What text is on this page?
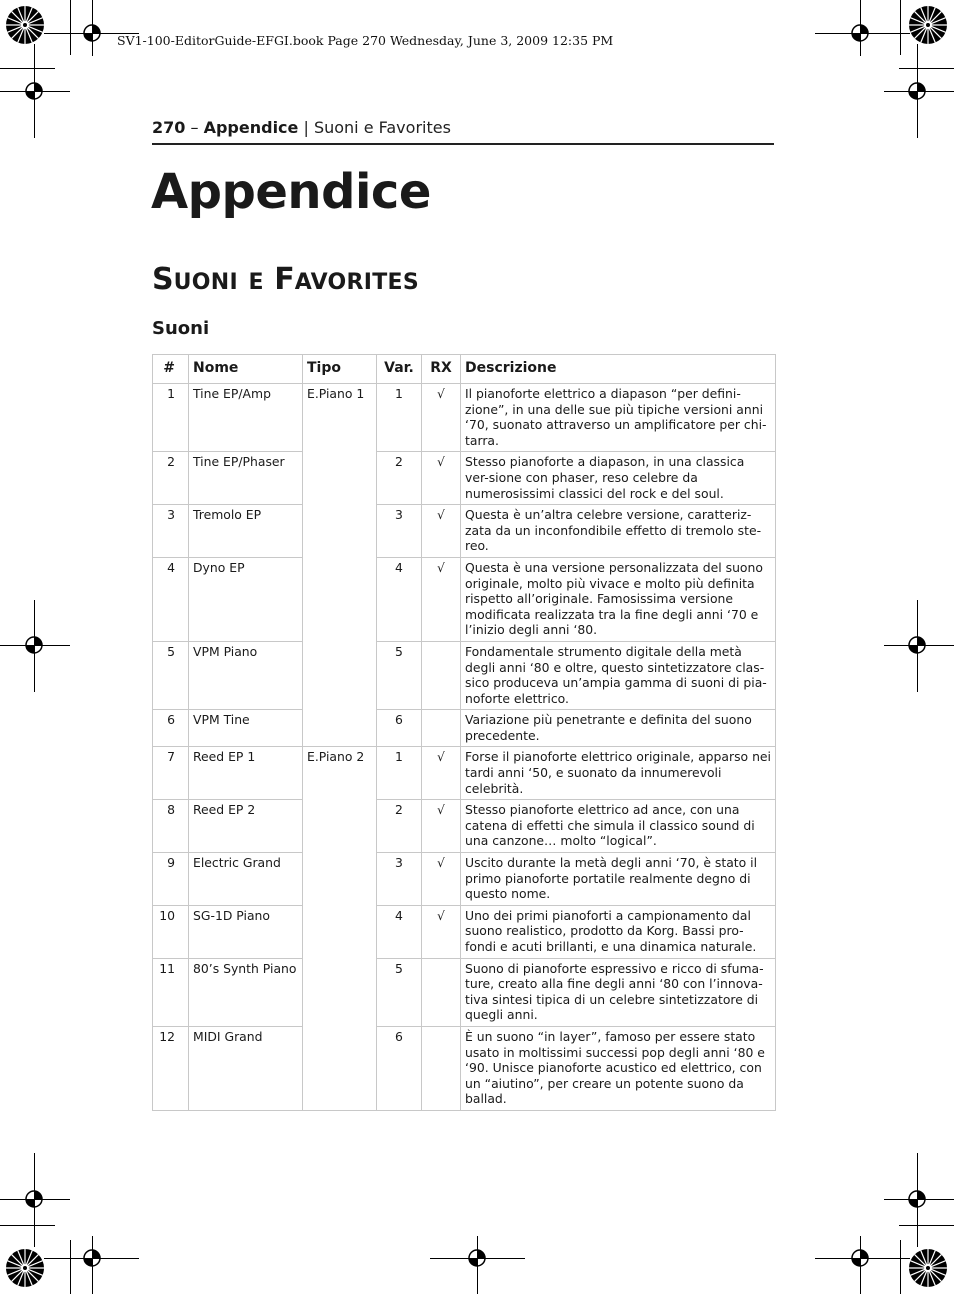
SV1-100-EditorGuide-EFGI.book Page 270 Wednesday, June 3, 2009 12:35 PM
270 – Appendice | Suoni e Favorites
Appendice
SUONI E FAVORITES
Suoni
#	Nome	Tipo	Var.	RX	Descrizione
1	Tine EP/Amp	E.Piano 1	1	√	Il pianoforte elettrico a diapason “per defini-zione”, in una delle sue più tipiche versioni anni ‘70, suonato attraverso un amplificatore per chi-tarra.
2	Tine EP/Phaser		2	√	Stesso pianoforte a diapason, in una classica ver-sione con phaser, reso celebre da numerosissimi classici del rock e del soul.
3	Tremolo EP		3	√	Questa è un’altra celebre versione, caratteriz-zata da un inconfondibile effetto di tremolo ste-reo.
4	Dyno EP		4	√	Questa è una versione personalizzata del suono originale, molto più vivace e molto più definita rispetto all’originale. Famosissima versione modificata realizzata tra la fine degli anni ‘70 e l’inizio degli anni ‘80.
5	VPM Piano		5		Fondamentale strumento digitale della metà degli anni ‘80 e oltre, questo sintetizzatore clas-sico produceva un’ampia gamma di suoni di pia-noforte elettrico.
6	VPM Tine		6		Variazione più penetrante e definita del suono precedente.
7	Reed EP 1	E.Piano 2	1	√	Forse il pianoforte elettrico originale, apparso nei tardi anni ‘50, e suonato da innumerevoli celebrità.
8	Reed EP 2		2	√	Stesso pianoforte elettrico ad ance, con una catena di effetti che simula il classico sound di una canzone… molto “logical”.
9	Electric Grand		3	√	Uscito durante la metà degli anni ‘70, è stato il primo pianoforte portatile realmente degno di questo nome.
10	SG-1D Piano		4	√	Uno dei primi pianoforti a campionamento dal suono realistico, prodotto da Korg. Bassi pro-fondi e acuti brillanti, e una dinamica naturale.
11	80’s Synth Piano		5		Suono di pianoforte espressivo e ricco di sfuma-ture, creato alla fine degli anni ‘80 con l’innova-tiva sintesi tipica di un celebre sintetizzatore di quegli anni.
12	MIDI Grand		6		È un suono “in layer”, famoso per essere stato usato in moltissimi successi pop degli anni ‘80 e ‘90. Unisce pianoforte acustico ed elettrico, con un “aiutino”, per creare un potente suono da ballad.
